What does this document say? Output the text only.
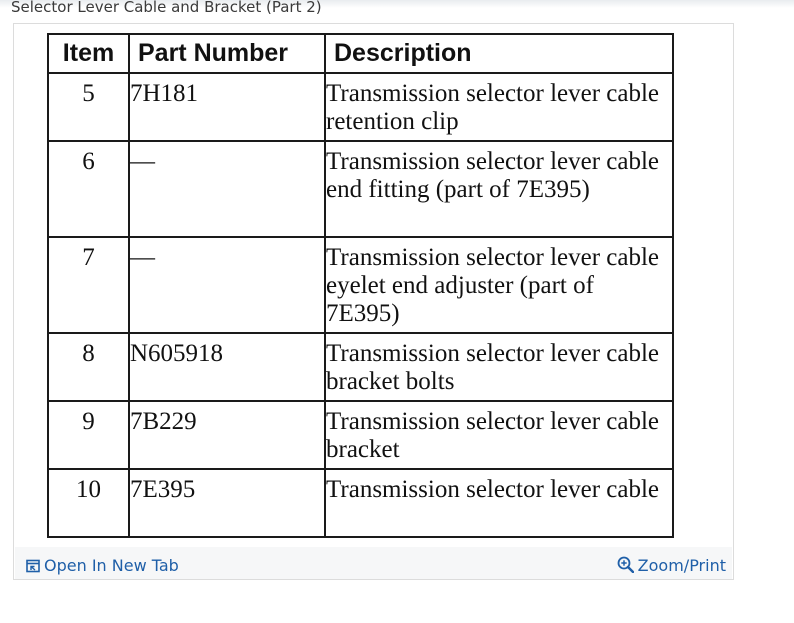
Selector Lever Cable and Bracket (Part 2)
Item	Part Number	Description
5	7H181	Transmission selector lever cable retention clip
6	—	Transmission selector lever cable end fitting (part of 7E395)
7	—	Transmission selector lever cable eyelet end adjuster (part of 7E395)
8	N605918	Transmission selector lever cable bracket bolts
9	7B229	Transmission selector lever cable bracket
10	7E395	Transmission selector lever cable
Open In New Tab	Zoom/Print
